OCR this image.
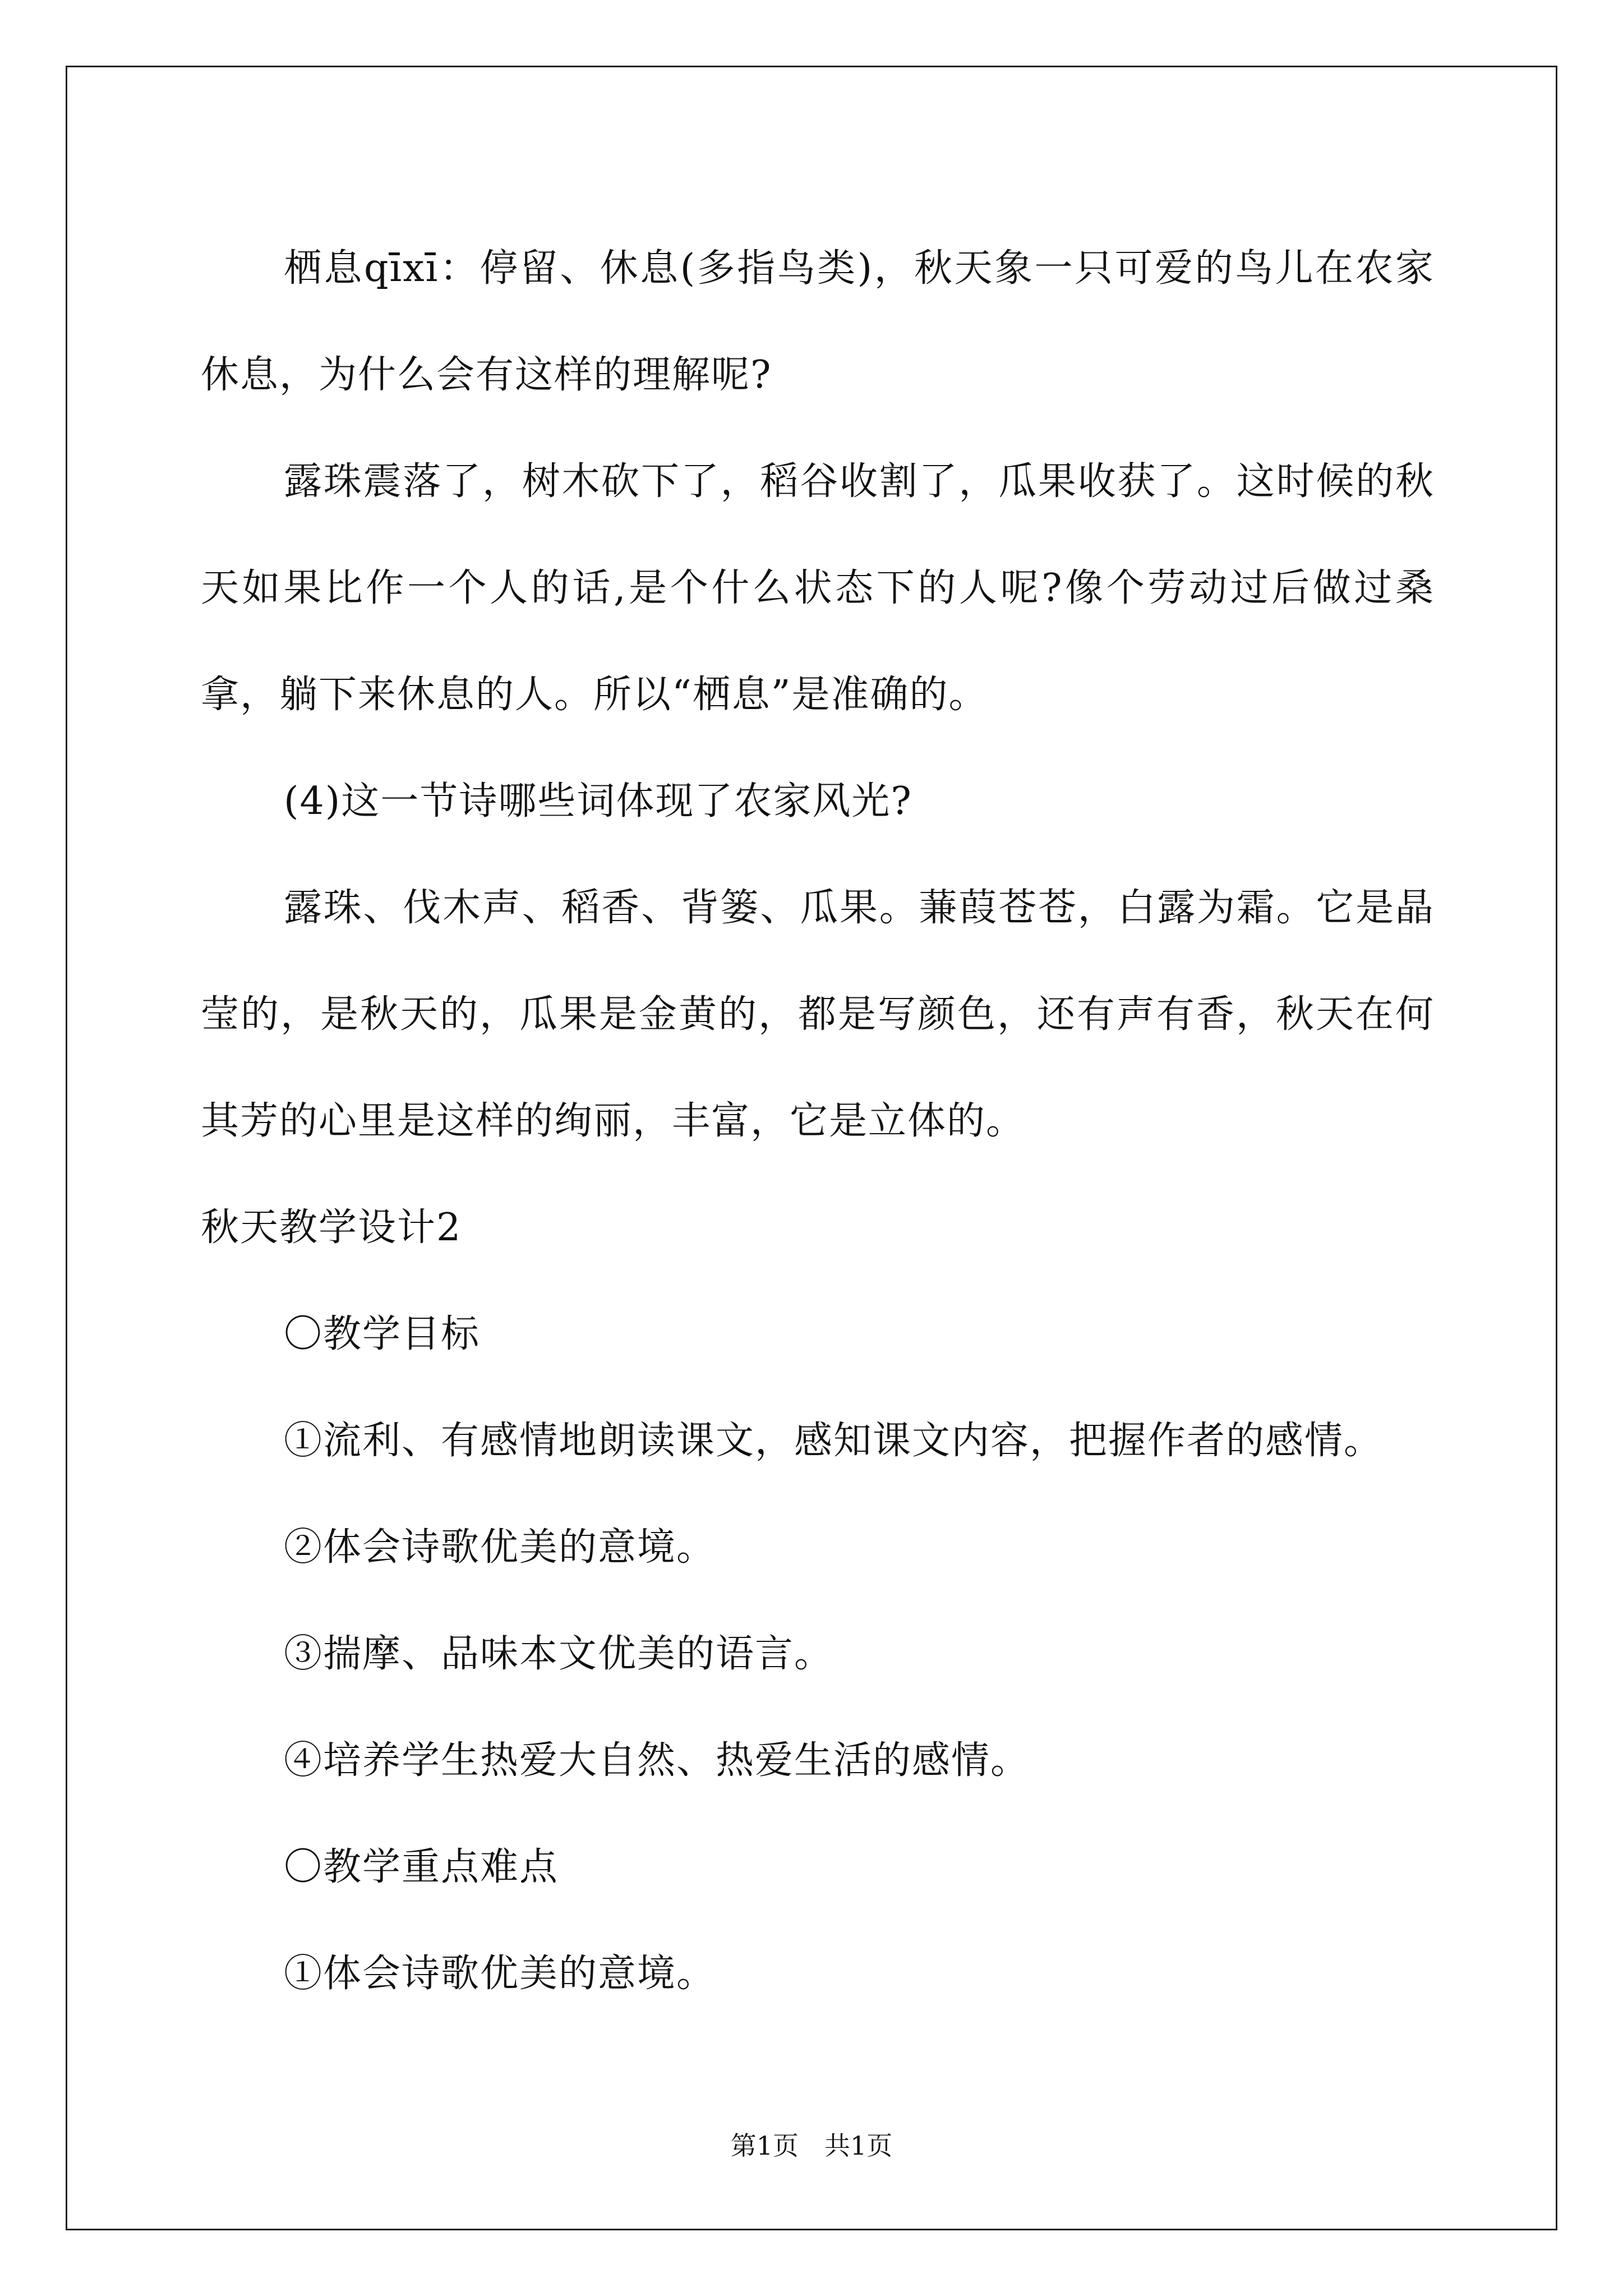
栖息qīxī：停留、休息(多指鸟类)，秋天象一只可爱的鸟儿在农家休息，为什么会有这样的理解呢?

露珠震落了，树木砍下了，稻谷收割了，瓜果收获了。这时候的秋天如果比作一个人的话,是个什么状态下的人呢?像个劳动过后做过桑拿，躺下来休息的人。所以“栖息”是准确的。

(4)这一节诗哪些词体现了农家风光?

露珠、伐木声、稻香、背篓、瓜果。蒹葭苍苍，白露为霜。它是晶莹的，是秋天的，瓜果是金黄的，都是写颜色，还有声有香，秋天在何其芳的心里是这样的绚丽，丰富，它是立体的。

秋天教学设计2

〇教学目标

①流利、有感情地朗读课文，感知课文内容，把握作者的感情。

②体会诗歌优美的意境。

③揣摩、品味本文优美的语言。

④培养学生热爱大自然、热爱生活的感情。

〇教学重点难点

①体会诗歌优美的意境。

第1页　共1页
